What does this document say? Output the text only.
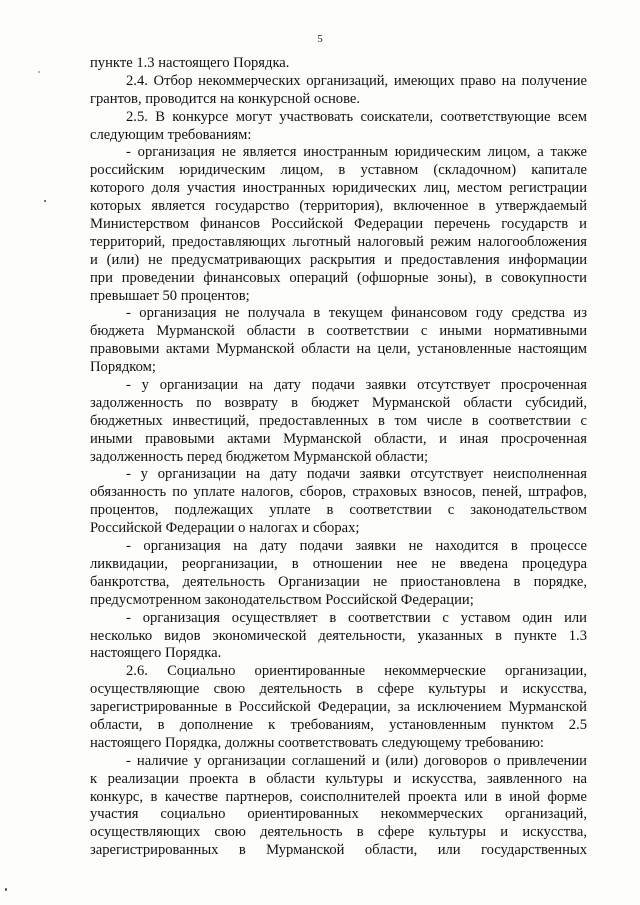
5
пункте 1.3 настоящего Порядка.
2.4. Отбор некоммерческих организаций, имеющих право на получение
грантов, проводится на конкурсной основе.
2.5. В конкурсе могут участвовать соискатели, соответствующие всем
следующим требованиям:
- организация не является иностранным юридическим лицом, а также
российским юридическим лицом, в уставном (складочном) капитале
которого доля участия иностранных юридических лиц, местом регистрации
которых является государство (территория), включенное в утверждаемый
Министерством финансов Российской Федерации перечень государств и
территорий, предоставляющих льготный налоговый режим налогообложения
и (или) не предусматривающих раскрытия и предоставления информации
при проведении финансовых операций (офшорные зоны), в совокупности
превышает 50 процентов;
- организация не получала в текущем финансовом году средства из
бюджета Мурманской области в соответствии с иными нормативными
правовыми актами Мурманской области на цели, установленные настоящим
Порядком;
- у организации на дату подачи заявки отсутствует просроченная
задолженность по возврату в бюджет Мурманской области субсидий,
бюджетных инвестиций, предоставленных в том числе в соответствии с
иными правовыми актами Мурманской области, и иная просроченная
задолженность перед бюджетом Мурманской области;
- у организации на дату подачи заявки отсутствует неисполненная
обязанность по уплате налогов, сборов, страховых взносов, пеней, штрафов,
процентов, подлежащих уплате в соответствии с законодательством
Российской Федерации о налогах и сборах;
- организация на дату подачи заявки не находится в процессе
ликвидации, реорганизации, в отношении нее не введена процедура
банкротства, деятельность Организации не приостановлена в порядке,
предусмотренном законодательством Российской Федерации;
- организация осуществляет в соответствии с уставом один или
несколько видов экономической деятельности, указанных в пункте 1.3
настоящего Порядка.
2.6. Социально ориентированные некоммерческие организации,
осуществляющие свою деятельность в сфере культуры и искусства,
зарегистрированные в Российской Федерации, за исключением Мурманской
области, в дополнение к требованиям, установленным пунктом 2.5
настоящего Порядка, должны соответствовать следующему требованию:
- наличие у организации соглашений и (или) договоров о привлечении
к реализации проекта в области культуры и искусства, заявленного на
конкурс, в качестве партнеров, соисполнителей проекта или в иной форме
участия социально ориентированных некоммерческих организаций,
осуществляющих свою деятельность в сфере культуры и искусства,
зарегистрированных в Мурманской области, или государственных
